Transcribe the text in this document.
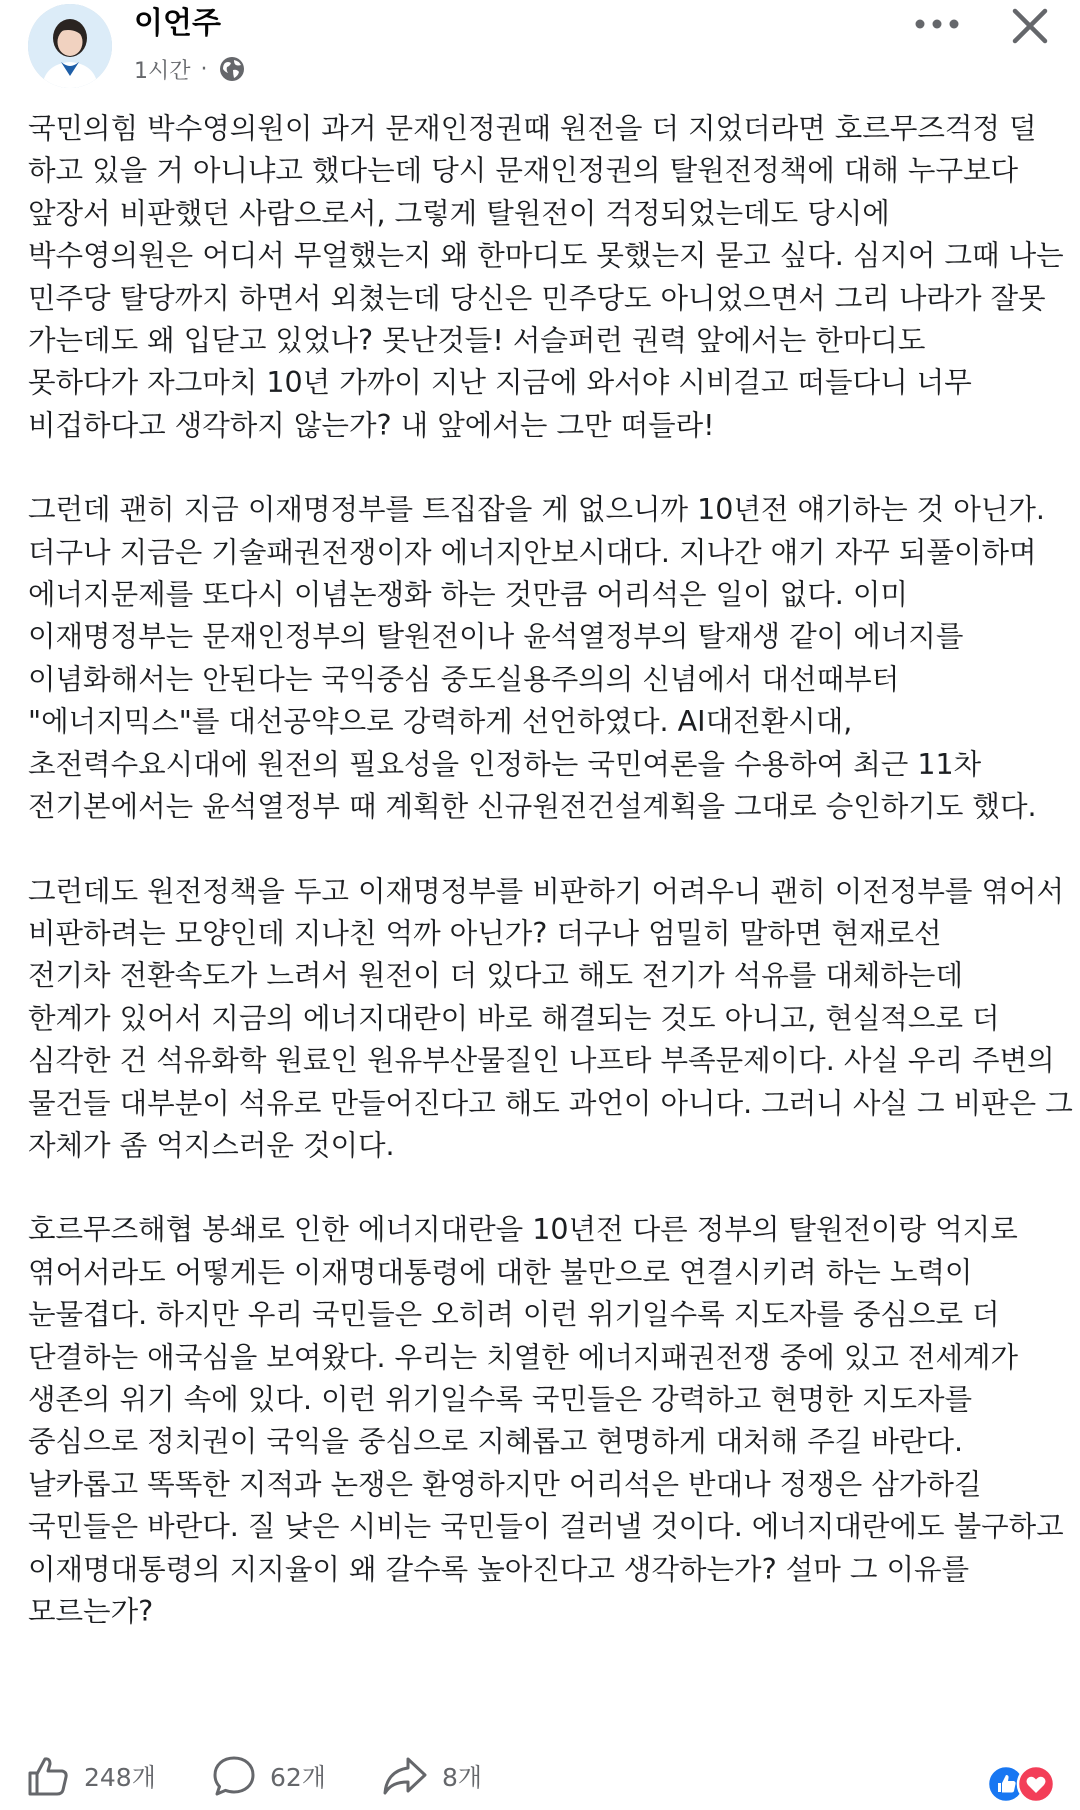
이언주
1시간 ·

국민의힘 박수영의원이 과거 문재인정권때 원전을 더 지었더라면 호르무즈걱정 덜
하고 있을 거 아니냐고 했다는데 당시 문재인정권의 탈원전정책에 대해 누구보다
앞장서 비판했던 사람으로서, 그렇게 탈원전이 걱정되었는데도 당시에
박수영의원은 어디서 무얼했는지 왜 한마디도 못했는지 묻고 싶다. 심지어 그때 나는
민주당 탈당까지 하면서 외쳤는데 당신은 민주당도 아니었으면서 그리 나라가 잘못
가는데도 왜 입닫고 있었나? 못난것들! 서슬퍼런 권력 앞에서는 한마디도
못하다가 자그마치 10년 가까이 지난 지금에 와서야 시비걸고 떠들다니 너무
비겁하다고 생각하지 않는가? 내 앞에서는 그만 떠들라!

그런데 괜히 지금 이재명정부를 트집잡을 게 없으니까 10년전 얘기하는 것 아닌가.
더구나 지금은 기술패권전쟁이자 에너지안보시대다. 지나간 얘기 자꾸 되풀이하며
에너지문제를 또다시 이념논쟁화 하는 것만큼 어리석은 일이 없다. 이미
이재명정부는 문재인정부의 탈원전이나 윤석열정부의 탈재생 같이 에너지를
이념화해서는 안된다는 국익중심 중도실용주의의 신념에서 대선때부터
"에너지믹스"를 대선공약으로 강력하게 선언하였다. AI대전환시대,
초전력수요시대에 원전의 필요성을 인정하는 국민여론을 수용하여 최근 11차
전기본에서는 윤석열정부 때 계획한 신규원전건설계획을 그대로 승인하기도 했다.

그런데도 원전정책을 두고 이재명정부를 비판하기 어려우니 괜히 이전정부를 엮어서
비판하려는 모양인데 지나친 억까 아닌가? 더구나 엄밀히 말하면 현재로선
전기차 전환속도가 느려서 원전이 더 있다고 해도 전기가 석유를 대체하는데
한계가 있어서 지금의 에너지대란이 바로 해결되는 것도 아니고, 현실적으로 더
심각한 건 석유화학 원료인 원유부산물질인 나프타 부족문제이다. 사실 우리 주변의
물건들 대부분이 석유로 만들어진다고 해도 과언이 아니다. 그러니 사실 그 비판은 그
자체가 좀 억지스러운 것이다.

호르무즈해협 봉쇄로 인한 에너지대란을 10년전 다른 정부의 탈원전이랑 억지로
엮어서라도 어떻게든 이재명대통령에 대한 불만으로 연결시키려 하는 노력이
눈물겹다. 하지만 우리 국민들은 오히려 이런 위기일수록 지도자를 중심으로 더
단결하는 애국심을 보여왔다. 우리는 치열한 에너지패권전쟁 중에 있고 전세계가
생존의 위기 속에 있다. 이런 위기일수록 국민들은 강력하고 현명한 지도자를
중심으로 정치권이 국익을 중심으로 지혜롭고 현명하게 대처해 주길 바란다.
날카롭고 똑똑한 지적과 논쟁은 환영하지만 어리석은 반대나 정쟁은 삼가하길
국민들은 바란다. 질 낮은 시비는 국민들이 걸러낼 것이다. 에너지대란에도 불구하고
이재명대통령의 지지율이 왜 갈수록 높아진다고 생각하는가? 설마 그 이유를
모르는가?

248개	62개	8개
